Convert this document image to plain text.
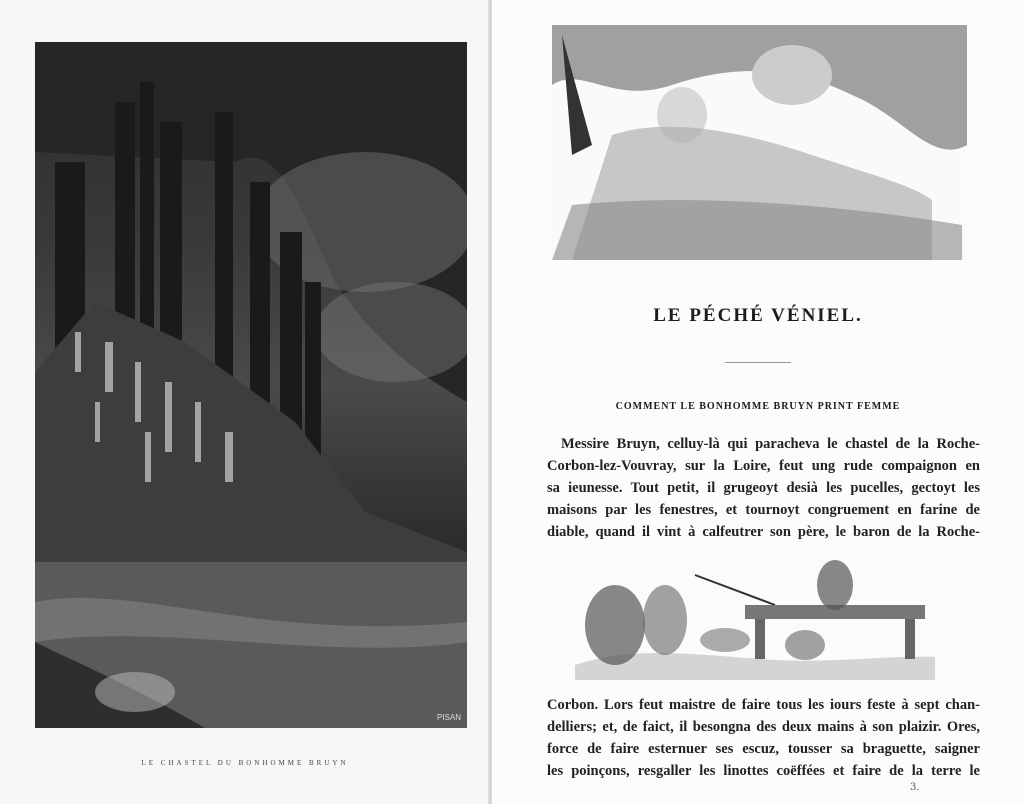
PISAN
LE CHASTEL DU BONHOMME BRUYN
LE PÉCHÉ VÉNIEL.
COMMENT LE BONHOMME BRUYN PRINT FEMME
Messire Bruyn, celluy-là qui paracheva le chastel de la Roche-
Corbon-lez-Vouvray, sur la Loire, feut ung rude compaignon en
sa ieunesse. Tout petit, il grugeoyt desià les pucelles, gectoyt les
maisons par les fenestres, et tournoyt congruement en farine de
diable, quand il vint à calfeutrer son père, le baron de la Roche-
Corbon. Lors feut maistre de faire tous les iours feste à sept chan-
delliers; et, de faict, il besongna des deux mains à son plaizir. Ores,
force de faire esternuer ses escuz, tousser sa braguette, saigner
les poinçons, resgaller les linottes coëffées et faire de la terre le
3.
